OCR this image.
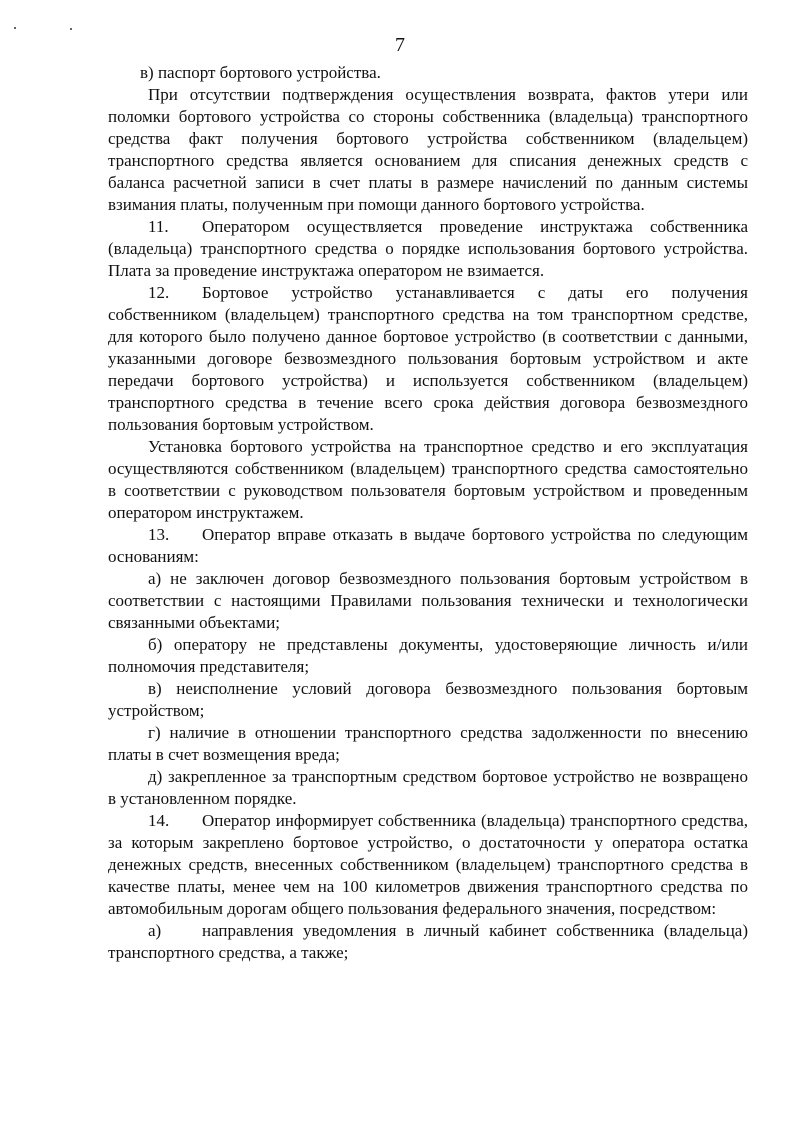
7

в) паспорт бортового устройства.

При отсутствии подтверждения осуществления возврата, фактов утери или поломки бортового устройства со стороны собственника (владельца) транспортного средства факт получения бортового устройства собственником (владельцем) транспортного средства является основанием для списания денежных средств с баланса расчетной записи в счет платы в размере начислений по данным системы взимания платы, полученным при помощи данного бортового устройства.

11. Оператором осуществляется проведение инструктажа собственника (владельца) транспортного средства о порядке использования бортового устройства. Плата за проведение инструктажа оператором не взимается.

12. Бортовое устройство устанавливается с даты его получения собственником (владельцем) транспортного средства на том транспортном средстве, для которого было получено данное бортовое устройство (в соответствии с данными, указанными договоре безвозмездного пользования бортовым устройством и акте передачи бортового устройства) и используется собственником (владельцем) транспортного средства в течение всего срока действия договора безвозмездного пользования бортовым устройством.

Установка бортового устройства на транспортное средство и его эксплуатация осуществляются собственником (владельцем) транспортного средства самостоятельно в соответствии с руководством пользователя бортовым устройством и проведенным оператором инструктажем.

13. Оператор вправе отказать в выдаче бортового устройства по следующим основаниям:

а) не заключен договор безвозмездного пользования бортовым устройством в соответствии с настоящими Правилами пользования технически и технологически связанными объектами;

б) оператору не представлены документы, удостоверяющие личность и/или полномочия представителя;

в) неисполнение условий договора безвозмездного пользования бортовым устройством;

г) наличие в отношении транспортного средства задолженности по внесению платы в счет возмещения вреда;

д) закрепленное за транспортным средством бортовое устройство не возвращено в установленном порядке.

14. Оператор информирует собственника (владельца) транспортного средства, за которым закреплено бортовое устройство, о достаточности у оператора остатка денежных средств, внесенных собственником (владельцем) транспортного средства в качестве платы, менее чем на 100 километров движения транспортного средства по автомобильным дорогам общего пользования федерального значения, посредством:

а) направления уведомления в личный кабинет собственника (владельца) транспортного средства, а также;
